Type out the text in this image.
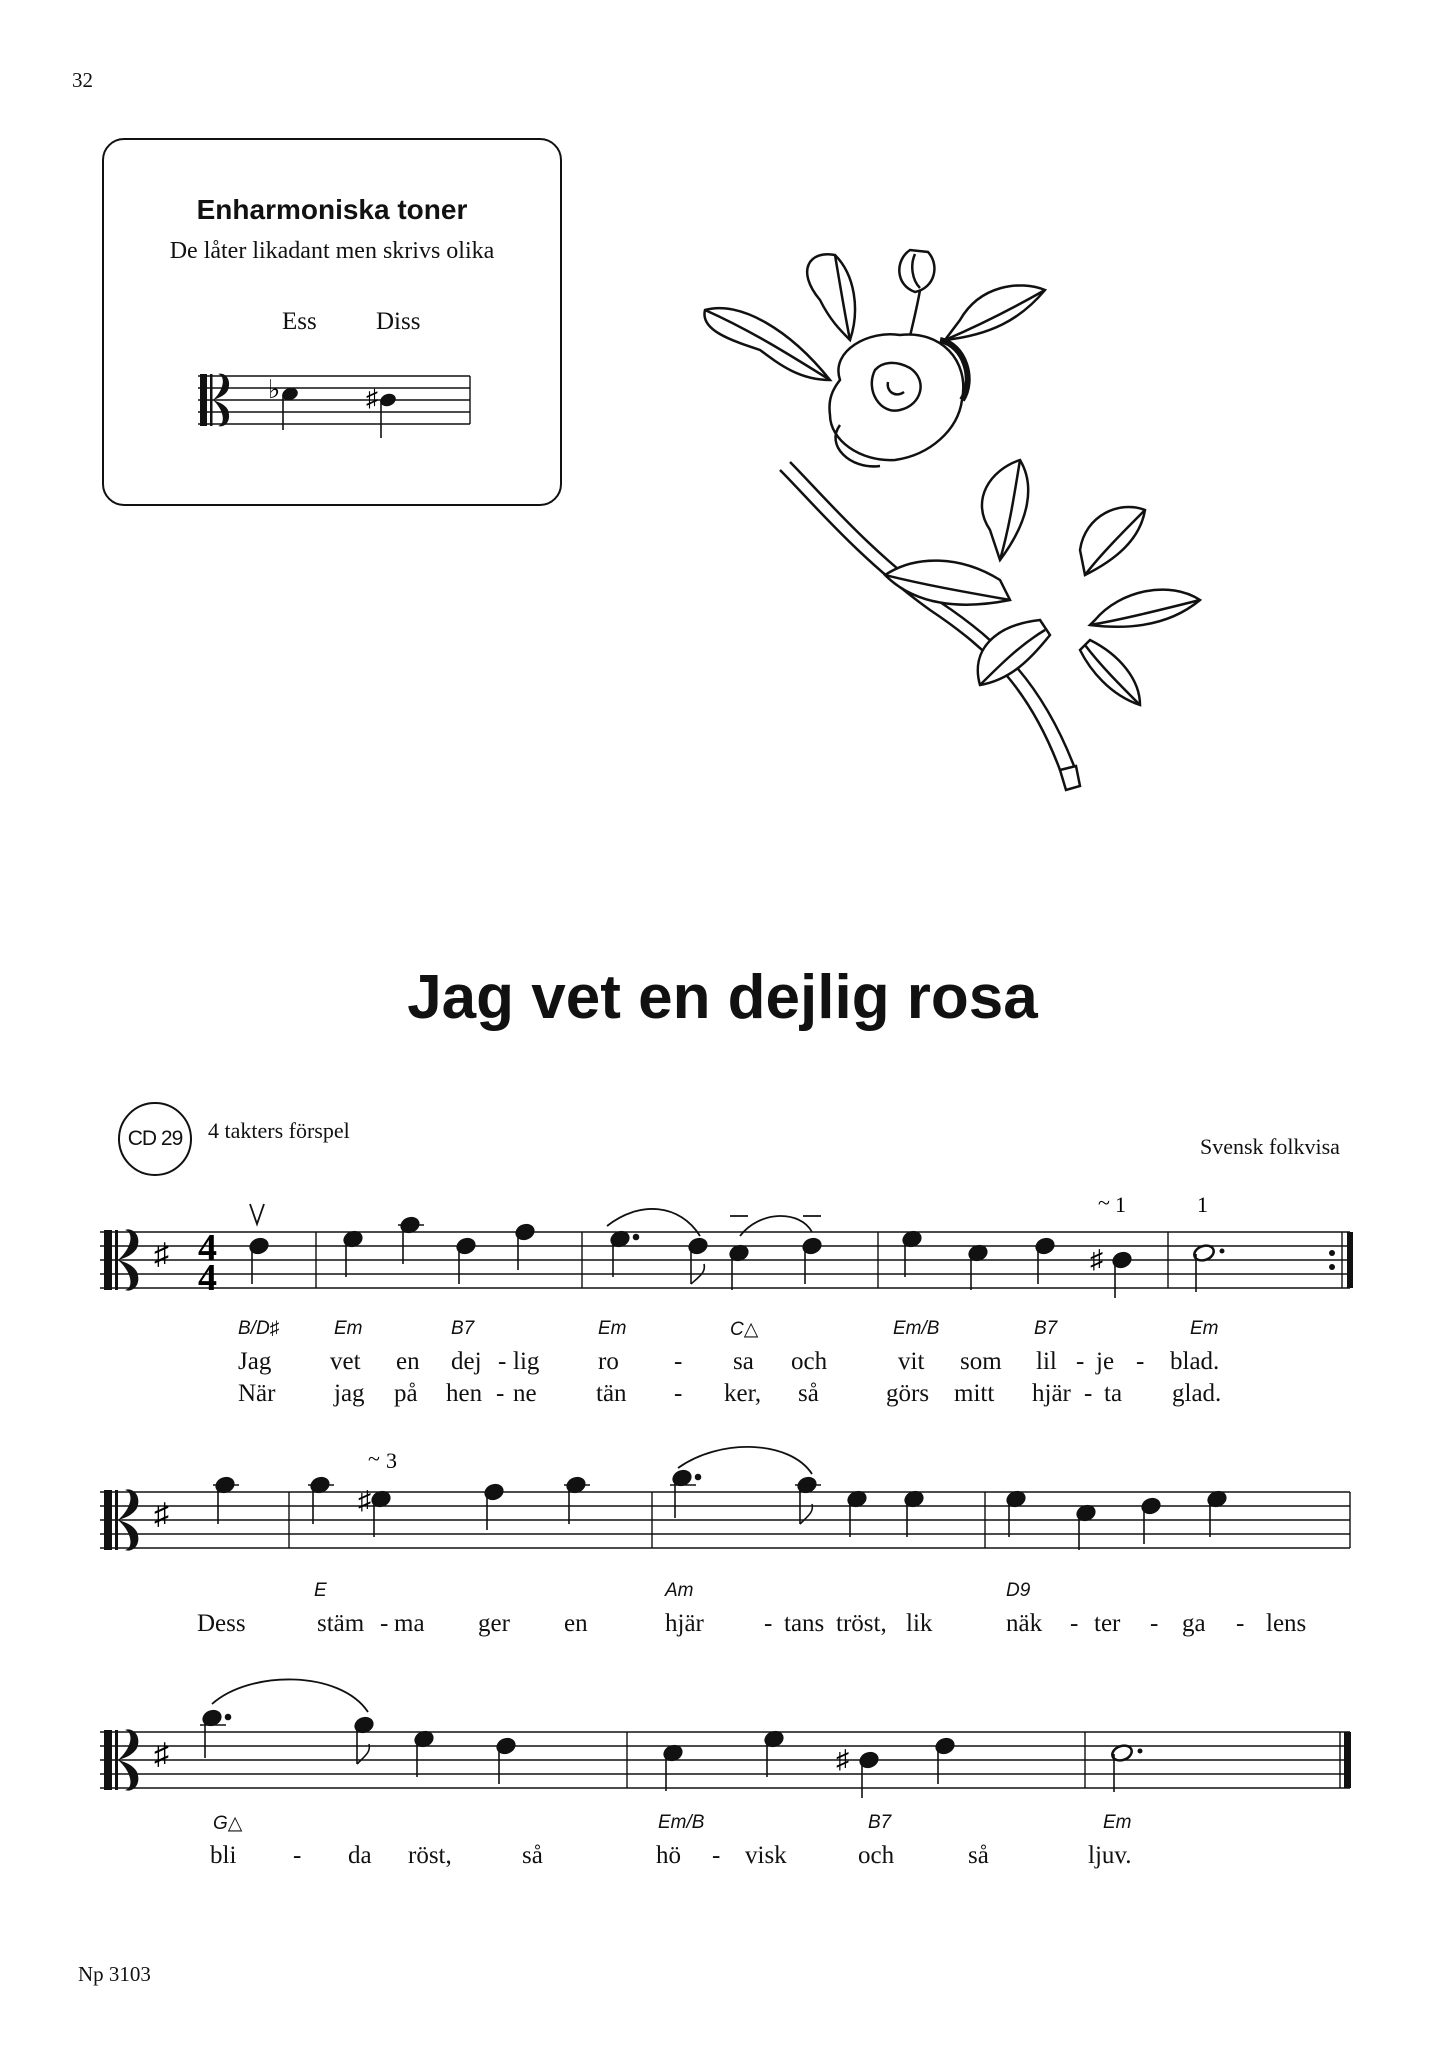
32
Enharmoniska toner
De låter likadant men skrivs olika
Ess Diss
♭	♯
Jag vet en dejlig rosa
CD 29	4 takters förspel
Svensk folkvisa
♯ 4
4	♯
~ 1	1
B/D♯	Em	B7	Em	C△	Em/B	B7	Em
Jag vet en dej - lig ro - sa och	vit som lil - je - blad.
När jag på hen - ne tän - ker, så	görs mitt hjär - ta glad.
♯	♯
~ 3
E	Am	D9
Dess	stäm - ma ger en	hjär - tans tröst, lik	näk - ter - ga - lens
♯	♯
G△	Em/B	B7	Em
bli - da röst,	så	hö - visk	och	så	ljuv.
Np 3103
